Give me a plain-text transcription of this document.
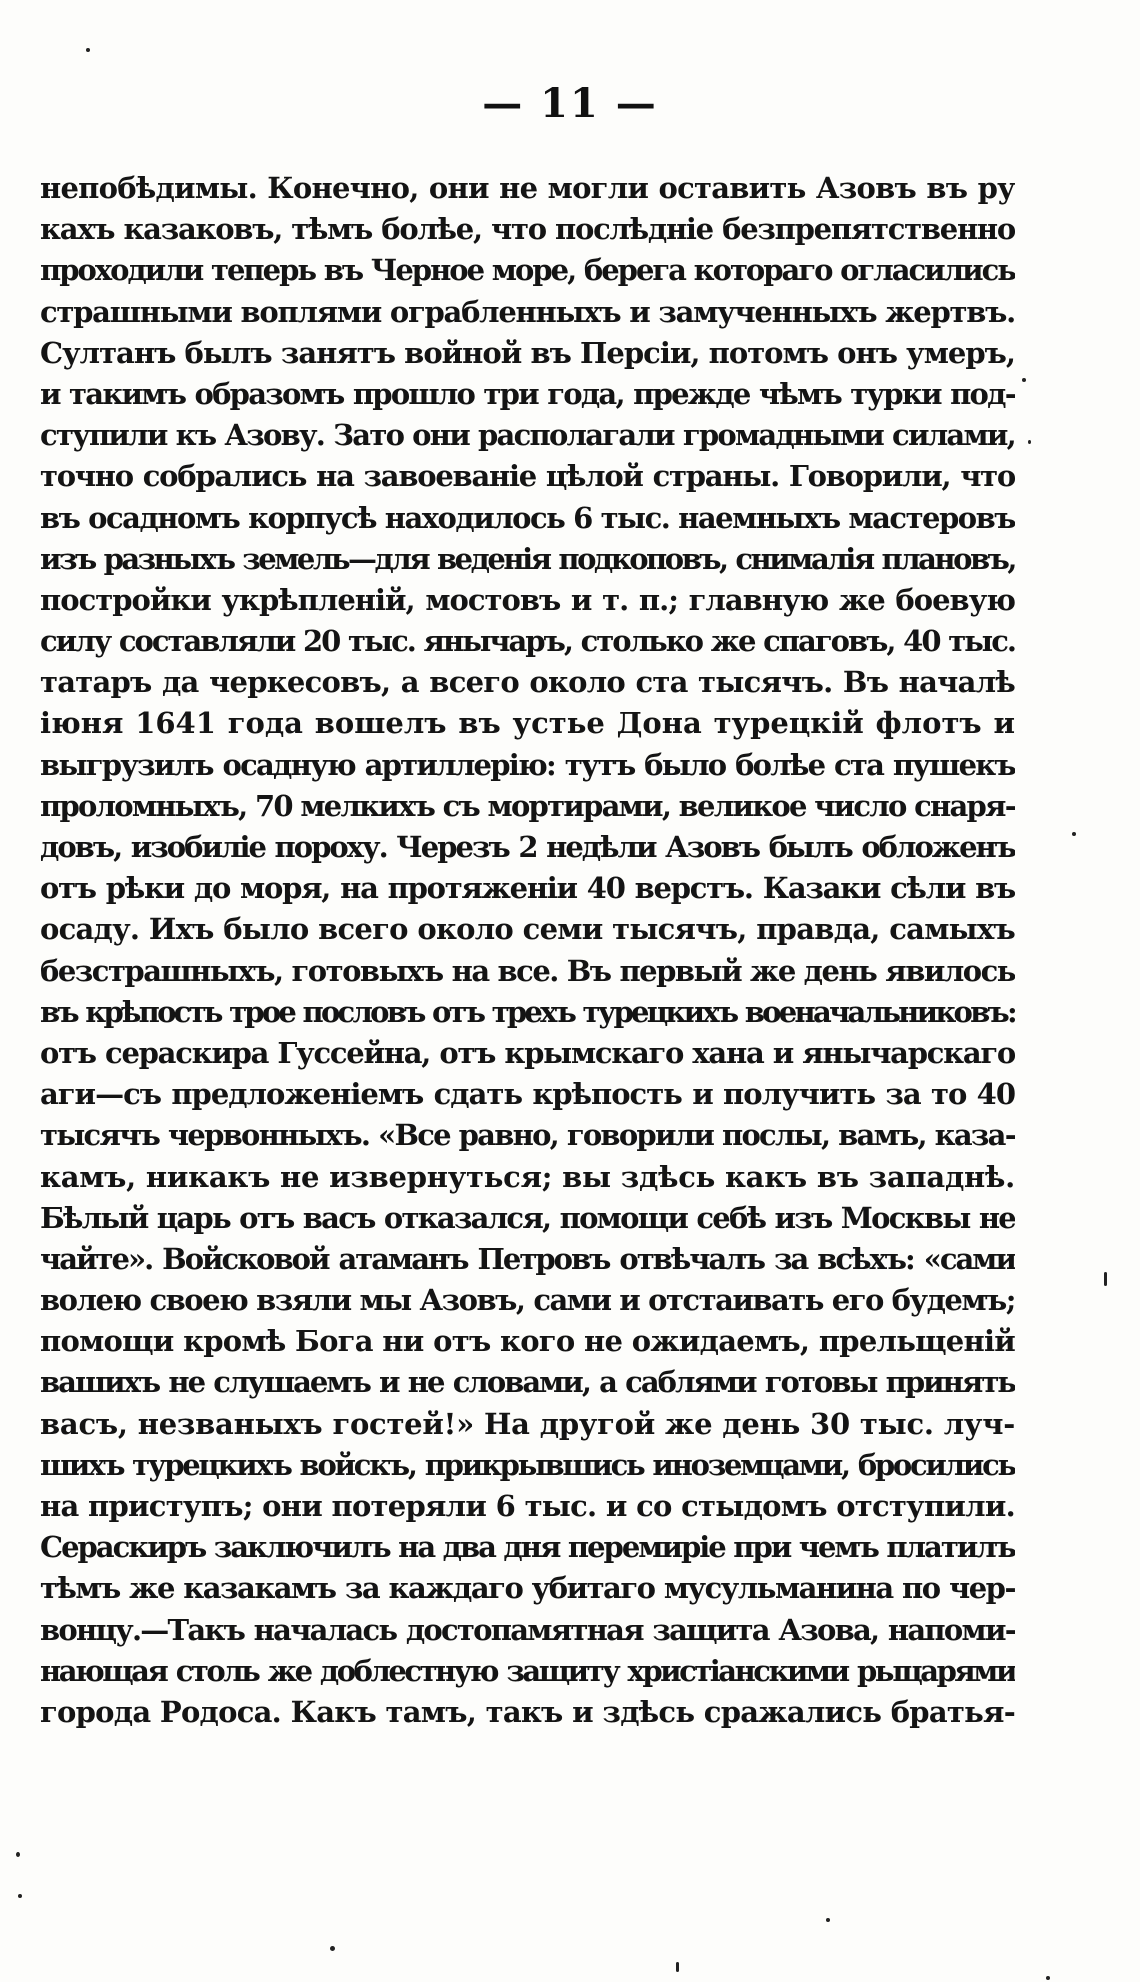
— 11 —
непобѣдимы. Конечно, они не могли оставить Азовъ въ ру
кахъ казаковъ, тѣмъ болѣе, что послѣдніе безпрепятственно
проходили теперь въ Черное море, берега котораго огласились
страшными воплями ограбленныхъ и замученныхъ жертвъ.
Султанъ былъ занятъ войной въ Персіи, потомъ онъ умеръ,
и такимъ образомъ прошло три года, прежде чѣмъ турки под-
ступили къ Азову. Зато они располагали громадными силами,
точно собрались на завоеваніе цѣлой страны. Говорили, что
въ осадномъ корпусѣ находилось 6 тыс. наемныхъ мастеровъ
изъ разныхъ земель—для веденія подкоповъ, снималія плановъ,
постройки укрѣпленій, мостовъ и т. п.; главную же боевую
силу составляли 20 тыс. янычаръ, столько же спаговъ, 40 тыс.
татаръ да черкесовъ, а всего около ста тысячъ. Въ началѣ
іюня 1641 года вошелъ въ устье Дона турецкій флотъ и
выгрузилъ осадную артиллерію: тутъ было болѣе ста пушекъ
проломныхъ, 70 мелкихъ съ мортирами, великое число снаря-
довъ, изобиліе пороху. Черезъ 2 недѣли Азовъ былъ обложенъ
отъ рѣки до моря, на протяженіи 40 верстъ. Казаки сѣли въ
осаду. Ихъ было всего около семи тысячъ, правда, самыхъ
безстрашныхъ, готовыхъ на все. Въ первый же день явилось
въ крѣпость трое пословъ отъ трехъ турецкихъ военачальниковъ:
отъ сераскира Гуссейна, отъ крымскаго хана и янычарскаго
аги—съ предложеніемъ сдать крѣпость и получить за то 40
тысячъ червонныхъ. «Все равно, говорили послы, вамъ, каза-
камъ, никакъ не извернуться; вы здѣсь какъ въ западнѣ.
Бѣлый царь отъ васъ отказался, помощи себѣ изъ Москвы не
чайте». Войсковой атаманъ Петровъ отвѣчалъ за всѣхъ: «сами
волею своею взяли мы Азовъ, сами и отстаивать его будемъ;
помощи кромѣ Бога ни отъ кого не ожидаемъ, прельщеній
вашихъ не слушаемъ и не словами, а саблями готовы принять
васъ, незваныхъ гостей!» На другой же день 30 тыс. луч-
шихъ турецкихъ войскъ, прикрывшись иноземцами, бросились
на приступъ; они потеряли 6 тыс. и со стыдомъ отступили.
Сераскиръ заключилъ на два дня перемиріе при чемъ платилъ
тѣмъ же казакамъ за каждаго убитаго мусульманина по чер-
вонцу.—Такъ началась достопамятная защита Азова, напоми-
нающая столь же доблестную защиту христіанскими рыцарями
города Родоса. Какъ тамъ, такъ и здѣсь сражались братья-
